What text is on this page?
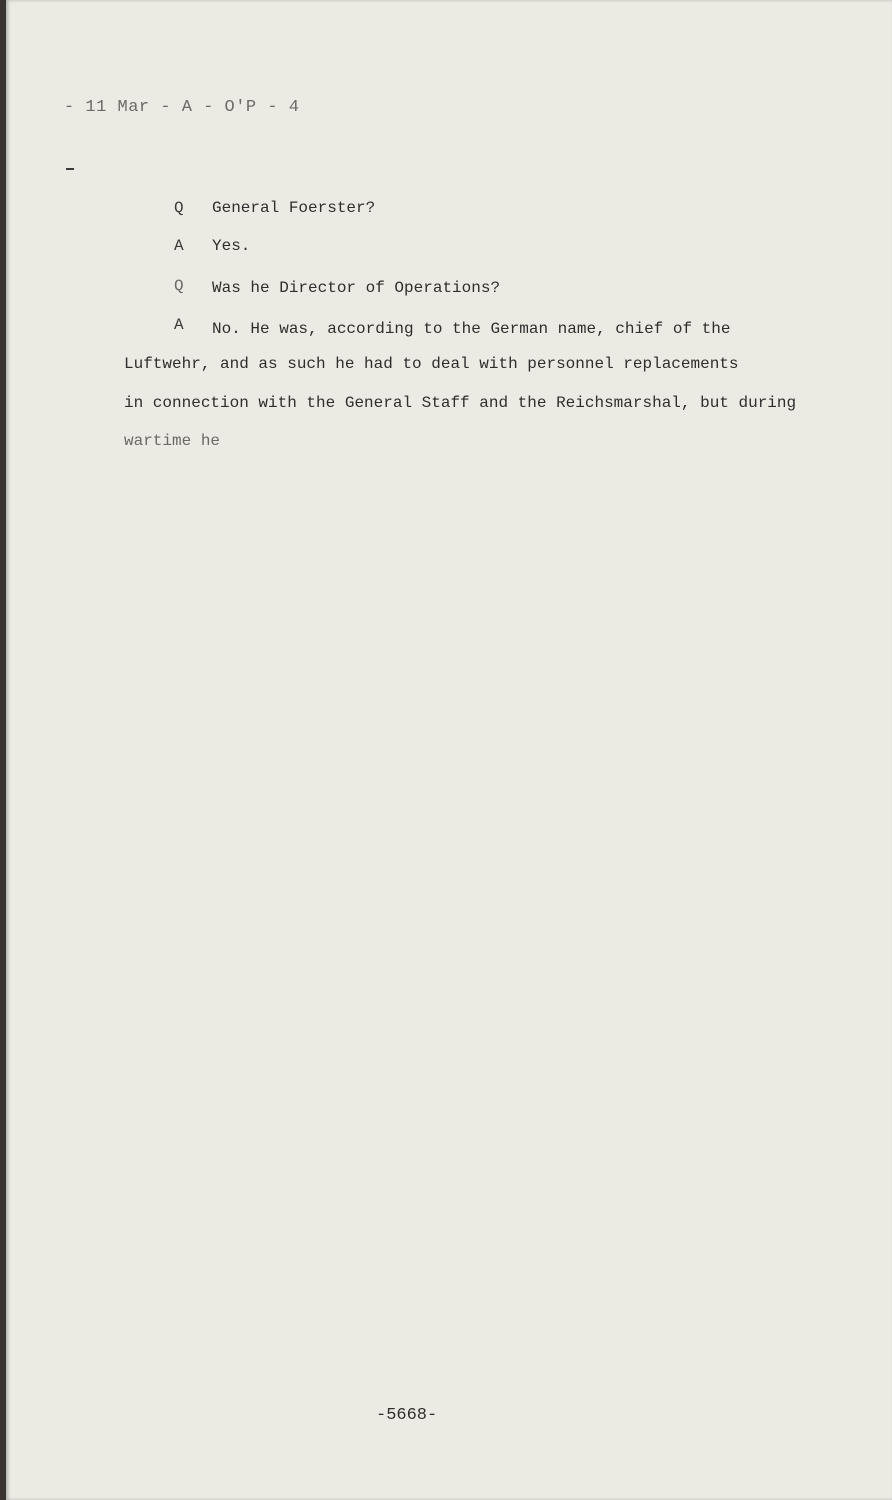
- 11 Mar - A - O'P - 4
Q General Foerster?
A Yes.
Q Was he Director of Operations?
A No. He was, according to the German name, chief of the
Luftwehr, and as such he had to deal with personnel replacements
in connection with the General Staff and the Reichsmarshal, but during
wartime he
-5668-
